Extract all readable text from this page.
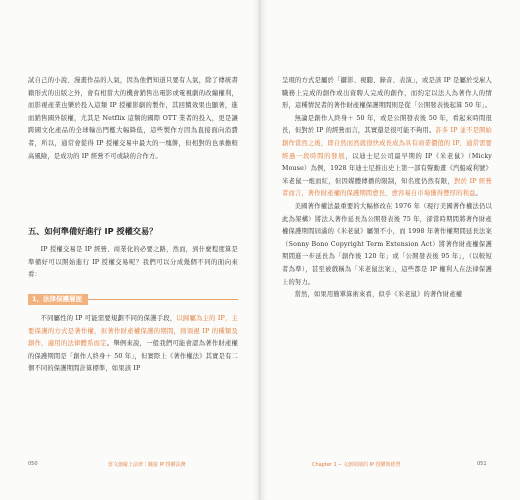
試自己的小說、漫畫作品的人氣，因為他們知道只要有人氣，除了傳統書籍形式的出版之外，會有相當大的機會銷售出電影或電視劇的改編權利，而影視產業也樂於投入這類 IP 授權影劇的製作，其回饋效果也顯著，進而銷售國外版權，尤其是 Netflix 這類的國際 OTT 業者的投入，更是讓跨國文化產品的全球輸出門檻大幅降低，這些製作方因為直接面向消費者，所以，通常會從得 IP 授權交易中最大的一塊餅，但相對的也承擔較高風險，是成功的 IP 經營不可或缺的合作方。

五、如何準備好進行 IP 授權交易？

IP 授權交易是 IP 經營、商業化的必要之路，然而，到什麼程度算是準備好可以開始進行 IP 授權交易呢？我們可以分成幾個不同的面向來看：

1、法律保護層面

不同屬性的 IP 可能需要規劃不同的保護手段，以歸屬為主的 IP，主要保護的方式是著作權，但著作財產權保護的期間，則須視 IP 的種類及創作、適用的法律體系而定。舉例來說，一般我們可能會認為著作財產權的保護期間是「創作人終身＋ 50 年」，但實際上《著作權法》其實是有二個不同的保護期間計算標準，如果該 IP

050	當文創碰上法律｜鏈接 IP 授權法務

呈現的方式是屬於「攝影、視聽、錄音、表演」，或是該 IP 是屬於受雇人職務上完成的創作或出資聘人完成的創作，而約定以法人為著作人的情形，這種情況者的著作財產權保護期間則是從「公開發表後起算 50 年」。

無論是創作人終身＋ 50 年，或是公開發表後 50 年，看起來時間很長，但對於 IP 的經營而言，其實還是很可能不夠用。許多 IP 並不是開始創作當然之後，即自然而然就很快成長成為具有商業價值的 IP，通常需要經過一段時間的發展，以迪士尼公司最早期的 IP《米老鼠》（Micky Mouse）為例，1928 年迪士尼推出史上第一部有聲動畫《汽船威利號》米老鼠一炮而紅，但因媒體傳播的限制，知名度仍然有限，對於 IP 經營者而言，著作財產權的保護期間愈長，愈容易自市場獲得豐厚的利益。

美國著作權法最重要的大幅修改在 1976 年（現行美國著作權法仍以此為架構）將法人著作延長為公開發表後 75 年，卻當時期間將著作財產權保護期間屆滿的《米老鼠》屬領不小，而 1998 年著作權期間延長法案（Sonny Bono Copyright Term Extension Act）將著作財產權保護期間進一步延長為「創作後 120 年」或「公開發表後 95 年」，（以較短者為準），甚至被戲稱為「米老鼠法案」，這些都是 IP 權利人在法律保護上的努力。

當然，如果用簡單算術來看，似乎《米老鼠》的著作財產權

Chapter 1 ─ 文創領域的 IP 授權與經營	051
